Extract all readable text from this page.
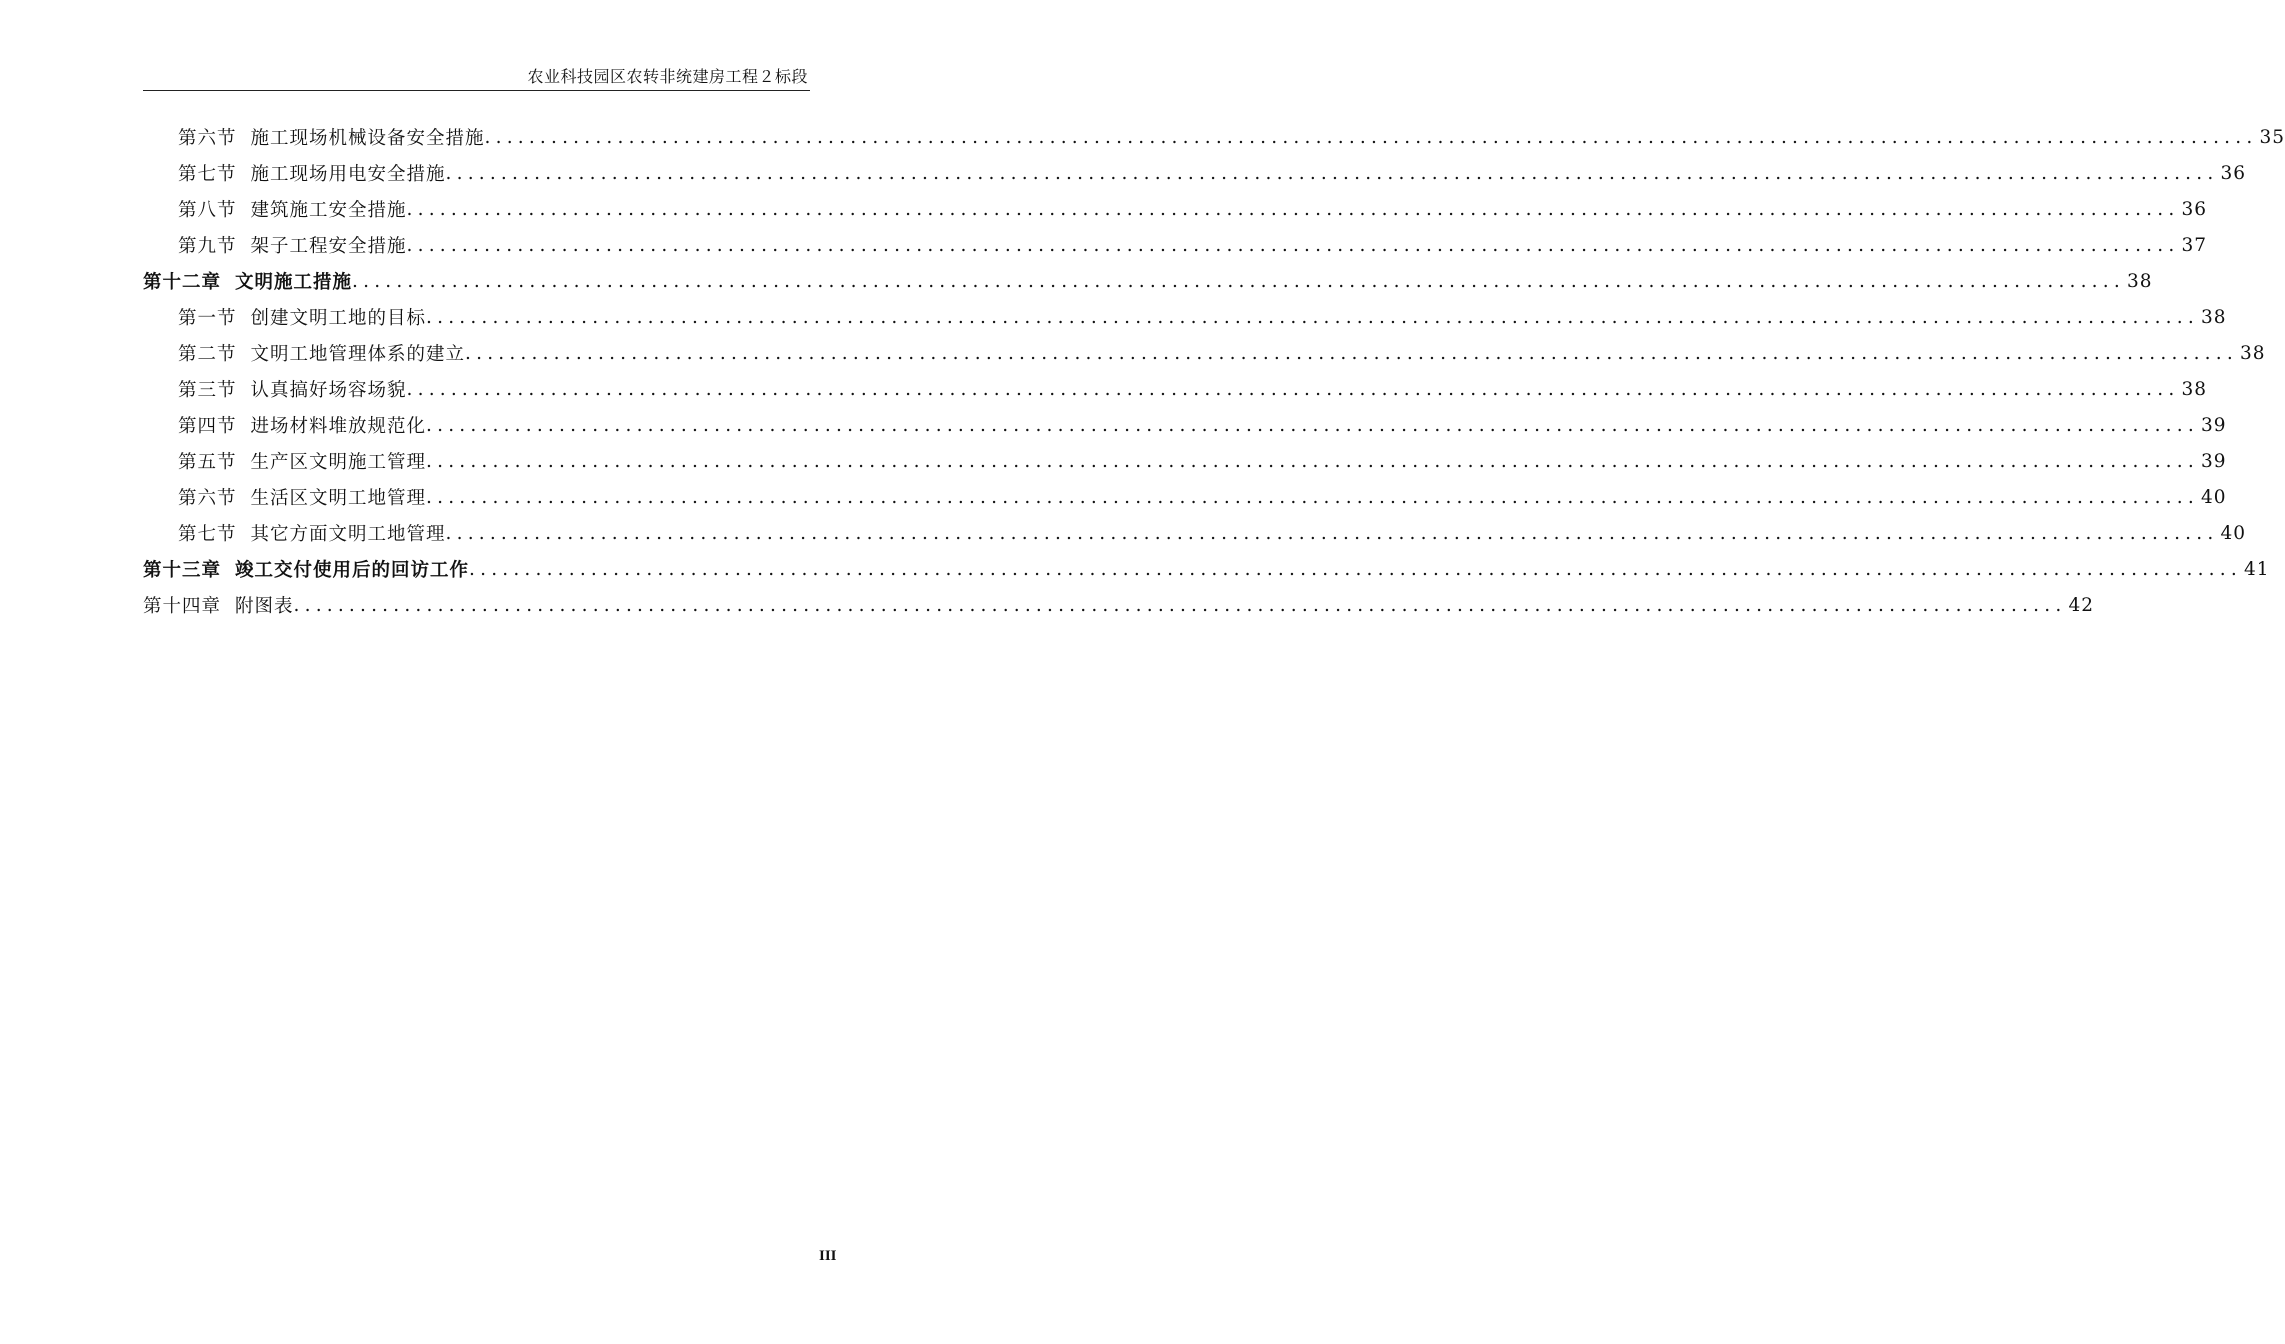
农业科技园区农转非统建房工程２标段
第六节 施工现场机械设备安全措施 ................................................................................................................................................................ 35
第七节 施工现场用电安全措施 ................................................................................................................................................................ 36
第八节 建筑施工安全措施 ................................................................................................................................................................ 36
第九节 架子工程安全措施 ................................................................................................................................................................ 37
第十二章 文明施工措施 ................................................................................................................................................................ 38
第一节 创建文明工地的目标 ................................................................................................................................................................ 38
第二节 文明工地管理体系的建立 ................................................................................................................................................................ 38
第三节 认真搞好场容场貌 ................................................................................................................................................................ 38
第四节 进场材料堆放规范化 ................................................................................................................................................................ 39
第五节 生产区文明施工管理 ................................................................................................................................................................ 39
第六节 生活区文明工地管理 ................................................................................................................................................................ 40
第七节 其它方面文明工地管理 ................................................................................................................................................................ 40
第十三章 竣工交付使用后的回访工作 ................................................................................................................................................................ 41
第十四章 附图表 ................................................................................................................................................................ 42
III
